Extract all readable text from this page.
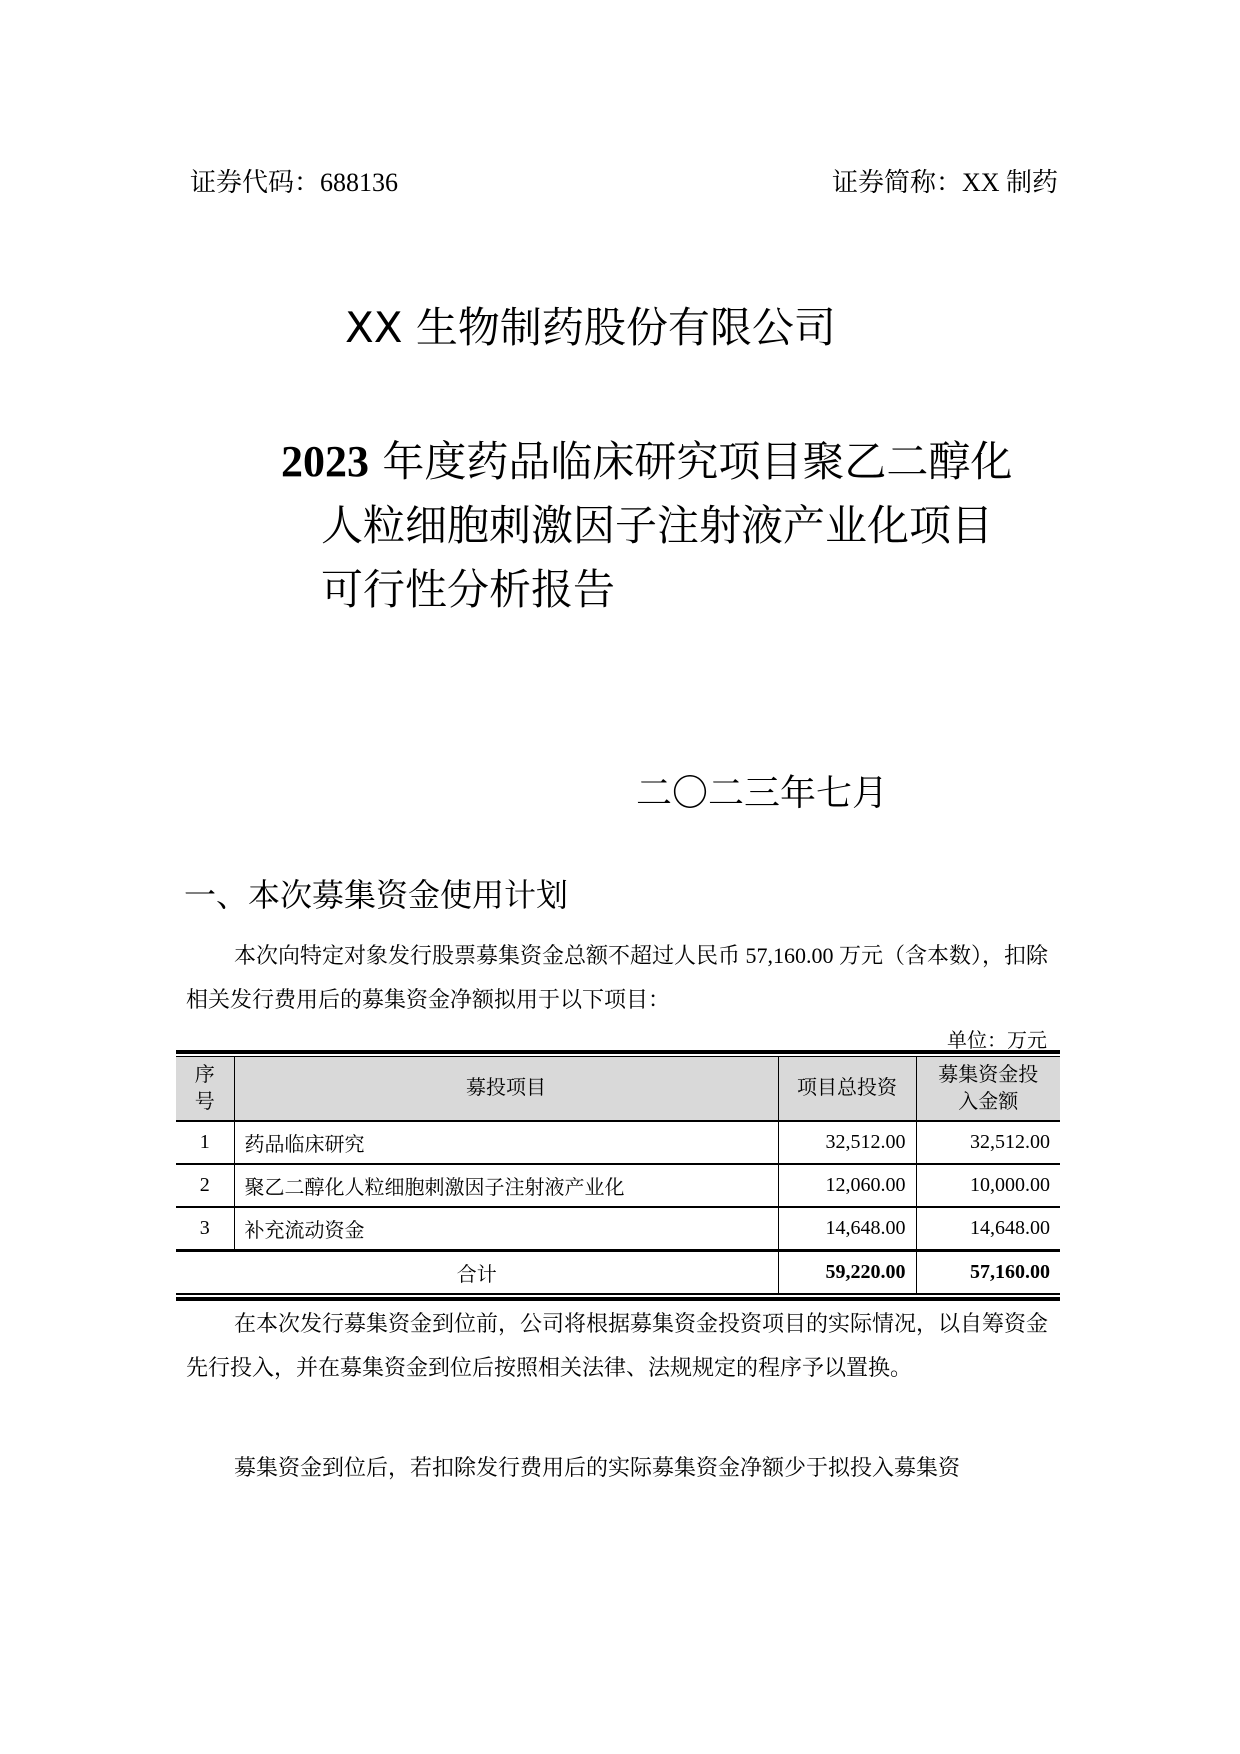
证券代码：688136	证券简称：XX 制药
XX 生物制药股份有限公司
2023 年度药品临床研究项目聚乙二醇化
人粒细胞刺激因子注射液产业化项目
可行性分析报告
二〇二三年七月
一、本次募集资金使用计划
本次向特定对象发行股票募集资金总额不超过人民币 57,160.00 万元（含本数），扣除相关发行费用后的募集资金净额拟用于以下项目：
单位：万元
序号	募投项目	项目总投资	募集资金投入金额
1	药品临床研究	32,512.00	32,512.00
2	聚乙二醇化人粒细胞刺激因子注射液产业化	12,060.00	10,000.00
3	补充流动资金	14,648.00	14,648.00
合计		59,220.00	57,160.00
在本次发行募集资金到位前，公司将根据募集资金投资项目的实际情况，以自筹资金先行投入，并在募集资金到位后按照相关法律、法规规定的程序予以置换。
募集资金到位后，若扣除发行费用后的实际募集资金净额少于拟投入募集资
